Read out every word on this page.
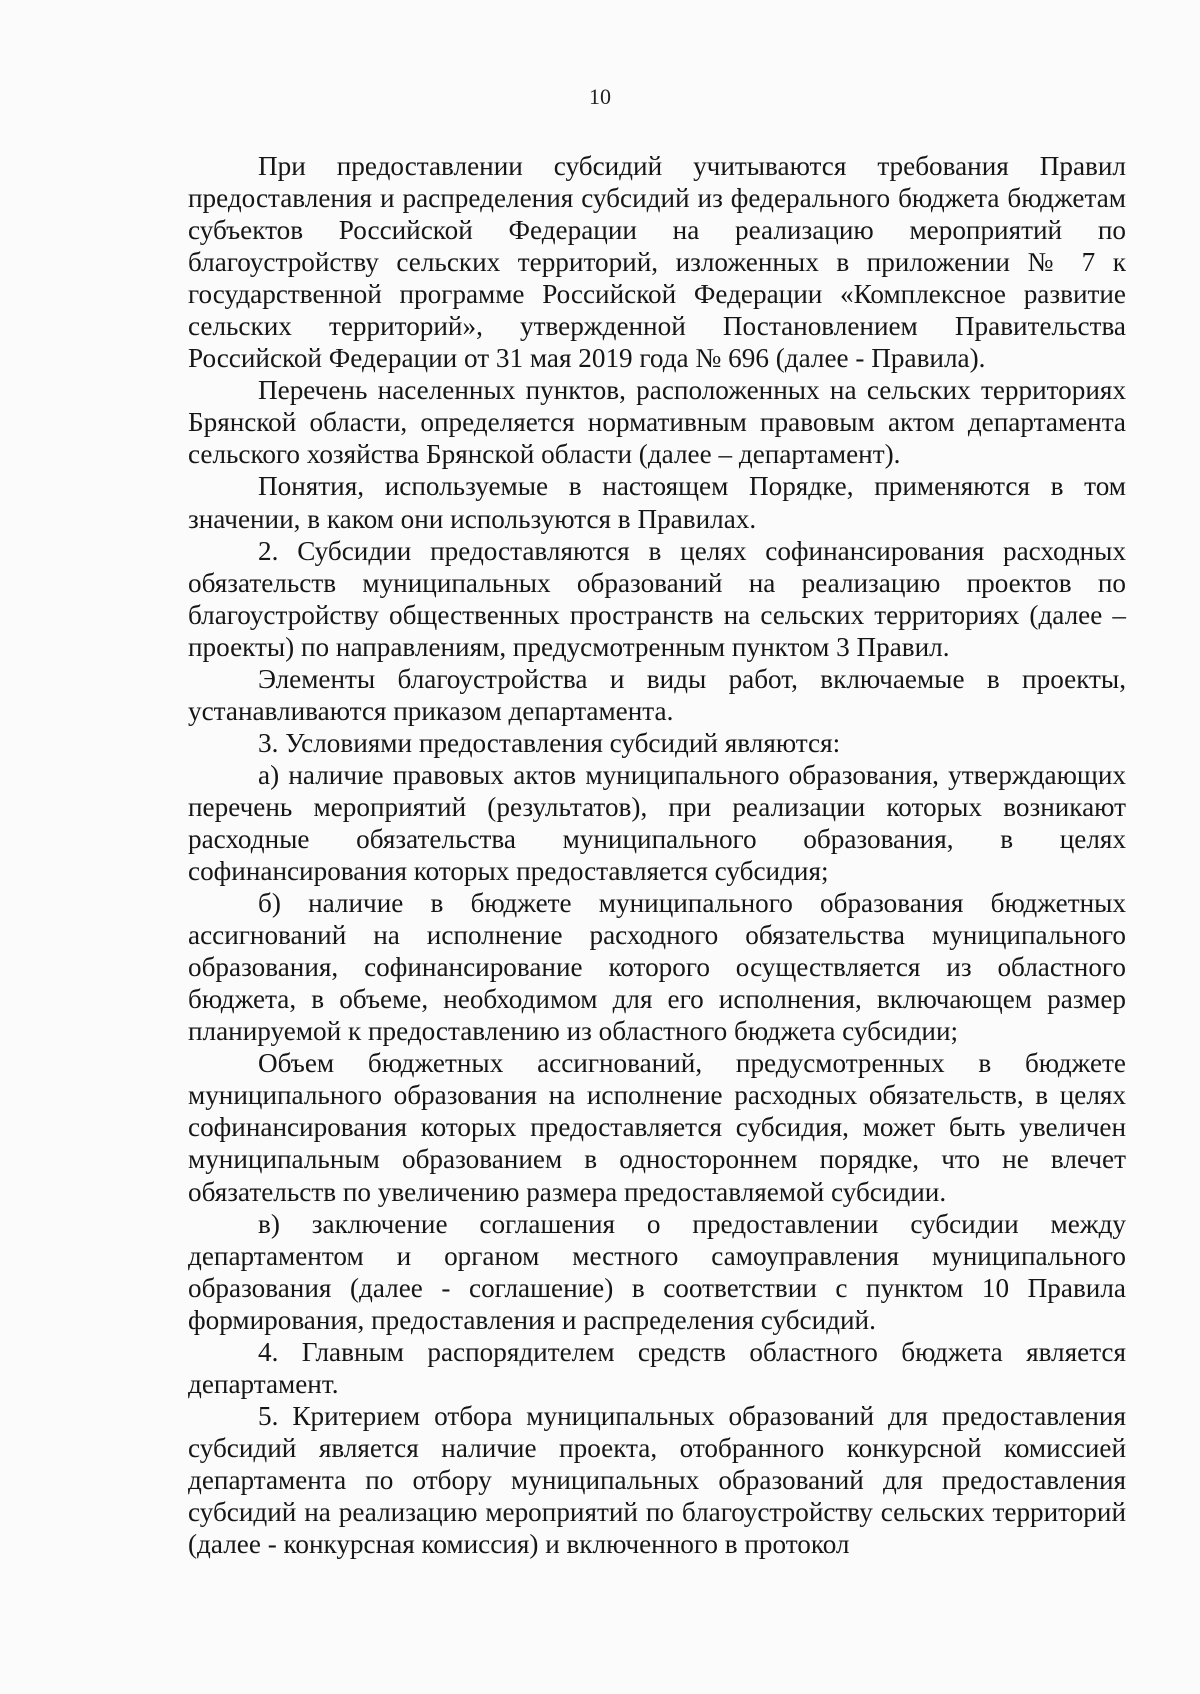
10

При предоставлении субсидий учитываются требования Правил предоставления и распределения субсидий из федерального бюджета бюджетам субъектов Российской Федерации на реализацию мероприятий по благоустройству сельских территорий, изложенных в приложении № 7 к государственной программе Российской Федерации «Комплексное развитие сельских территорий», утвержденной Постановлением Правительства Российской Федерации от 31 мая 2019 года № 696 (далее - Правила).

Перечень населенных пунктов, расположенных на сельских территориях Брянской области, определяется нормативным правовым актом департамента сельского хозяйства Брянской области (далее – департамент).

Понятия, используемые в настоящем Порядке, применяются в том значении, в каком они используются в Правилах.

2. Субсидии предоставляются в целях софинансирования расходных обязательств муниципальных образований на реализацию проектов по благоустройству общественных пространств на сельских территориях (далее – проекты) по направлениям, предусмотренным пунктом 3 Правил.

Элементы благоустройства и виды работ, включаемые в проекты, устанавливаются приказом департамента.

3. Условиями предоставления субсидий являются:

а) наличие правовых актов муниципального образования, утверждающих перечень мероприятий (результатов), при реализации которых возникают расходные обязательства муниципального образования, в целях софинансирования которых предоставляется субсидия;

б) наличие в бюджете муниципального образования бюджетных ассигнований на исполнение расходного обязательства муниципального образования, софинансирование которого осуществляется из областного бюджета, в объеме, необходимом для его исполнения, включающем размер планируемой к предоставлению из областного бюджета субсидии;

Объем бюджетных ассигнований, предусмотренных в бюджете муниципального образования на исполнение расходных обязательств, в целях софинансирования которых предоставляется субсидия, может быть увеличен муниципальным образованием в одностороннем порядке, что не влечет обязательств по увеличению размера предоставляемой субсидии.

в) заключение соглашения о предоставлении субсидии между департаментом и органом местного самоуправления муниципального образования (далее - соглашение) в соответствии с пунктом 10 Правила формирования, предоставления и распределения субсидий.

4. Главным распорядителем средств областного бюджета является департамент.

5. Критерием отбора муниципальных образований для предоставления субсидий является наличие проекта, отобранного конкурсной комиссией департамента по отбору муниципальных образований для предоставления субсидий на реализацию мероприятий по благоустройству сельских территорий (далее - конкурсная комиссия) и включенного в протокол
